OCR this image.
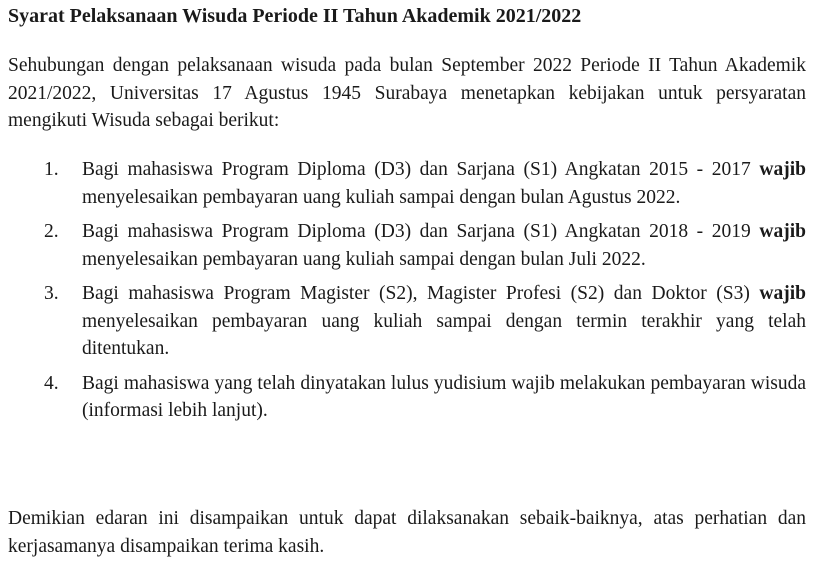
Syarat Pelaksanaan Wisuda Periode II Tahun Akademik 2021/2022

Sehubungan dengan pelaksanaan wisuda pada bulan September 2022 Periode II Tahun Akademik 2021/2022, Universitas 17 Agustus 1945 Surabaya menetapkan kebijakan untuk persyaratan mengikuti Wisuda sebagai berikut:

1. Bagi mahasiswa Program Diploma (D3) dan Sarjana (S1) Angkatan 2015 - 2017 wajib menyelesaikan pembayaran uang kuliah sampai dengan bulan Agustus 2022.
2. Bagi mahasiswa Program Diploma (D3) dan Sarjana (S1) Angkatan 2018 - 2019 wajib menyelesaikan pembayaran uang kuliah sampai dengan bulan Juli 2022.
3. Bagi mahasiswa Program Magister (S2), Magister Profesi (S2) dan Doktor (S3) wajib menyelesaikan pembayaran uang kuliah sampai dengan termin terakhir yang telah ditentukan.
4. Bagi mahasiswa yang telah dinyatakan lulus yudisium wajib melakukan pembayaran wisuda (informasi lebih lanjut).

Demikian edaran ini disampaikan untuk dapat dilaksanakan sebaik-baiknya, atas perhatian dan kerjasamanya disampaikan terima kasih.
